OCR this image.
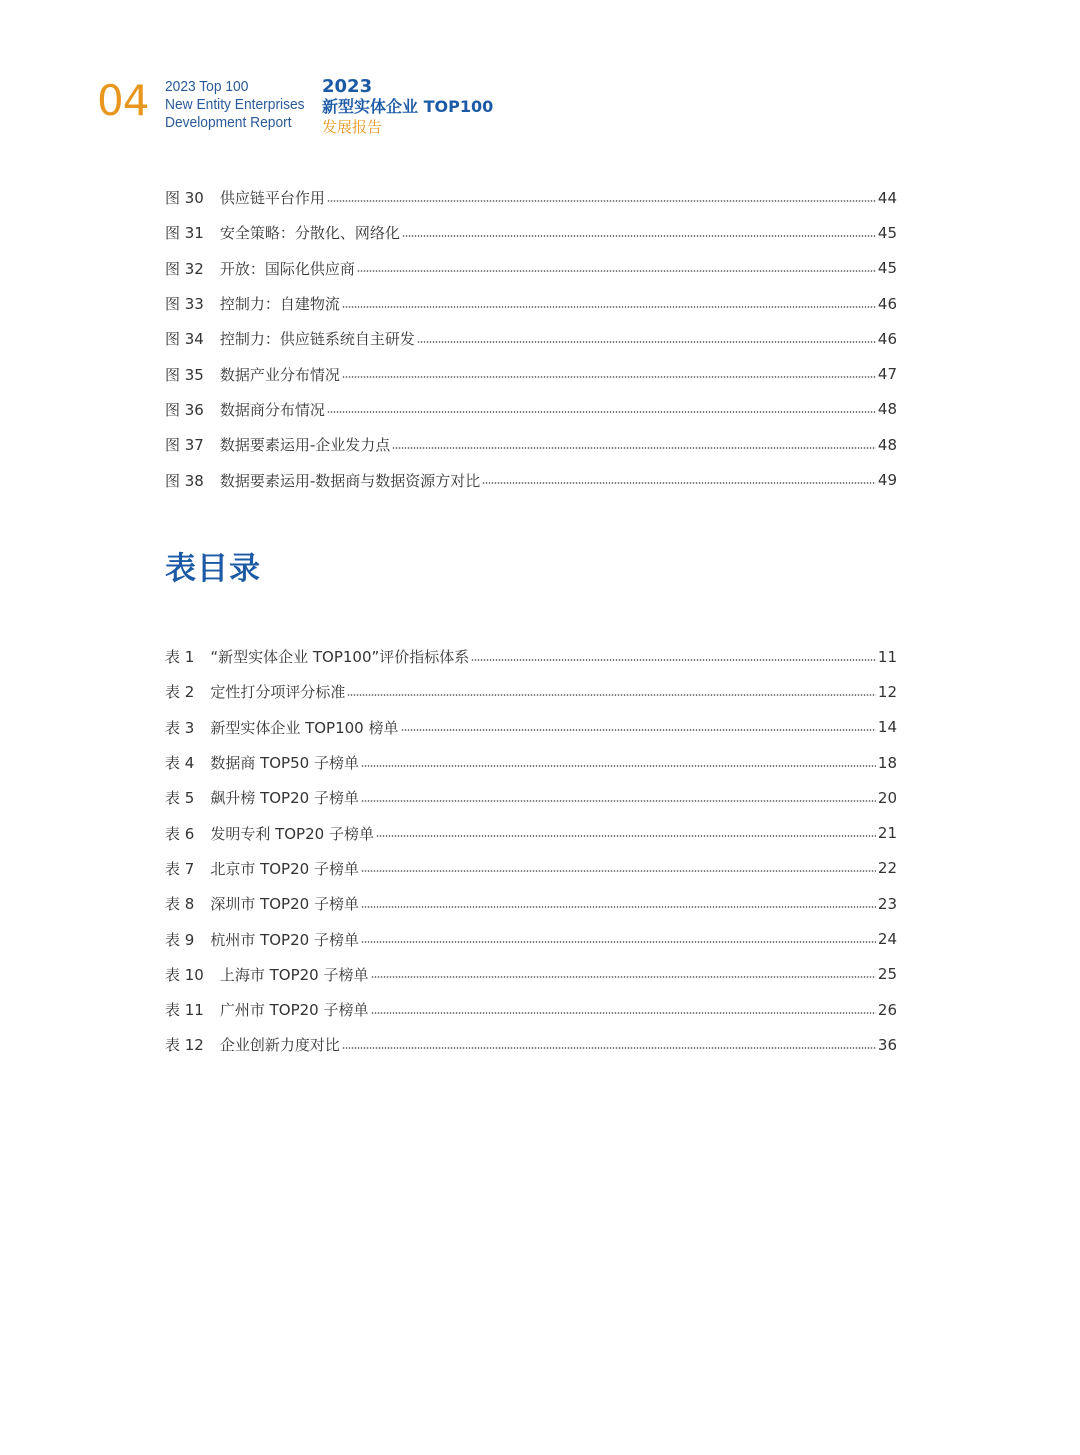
04 2023 Top 100
New Entity Enterprises
Development Report
2023
新型实体企业 TOP100
发展报告
图 30 供应链平台作用	44
图 31 安全策略：分散化、网络化	45
图 32 开放：国际化供应商	45
图 33 控制力：自建物流	46
图 34 控制力：供应链系统自主研发	46
图 35 数据产业分布情况	47
图 36 数据商分布情况	48
图 37 数据要素运用-企业发力点	48
图 38 数据要素运用-数据商与数据资源方对比	49
表目录
表 1 “新型实体企业 TOP100”评价指标体系	11
表 2 定性打分项评分标准	12
表 3 新型实体企业 TOP100 榜单	14
表 4 数据商 TOP50 子榜单	18
表 5 飙升榜 TOP20 子榜单	20
表 6 发明专利 TOP20 子榜单	21
表 7 北京市 TOP20 子榜单	22
表 8 深圳市 TOP20 子榜单	23
表 9 杭州市 TOP20 子榜单	24
表 10 上海市 TOP20 子榜单	25
表 11 广州市 TOP20 子榜单	26
表 12 企业创新力度对比	36
